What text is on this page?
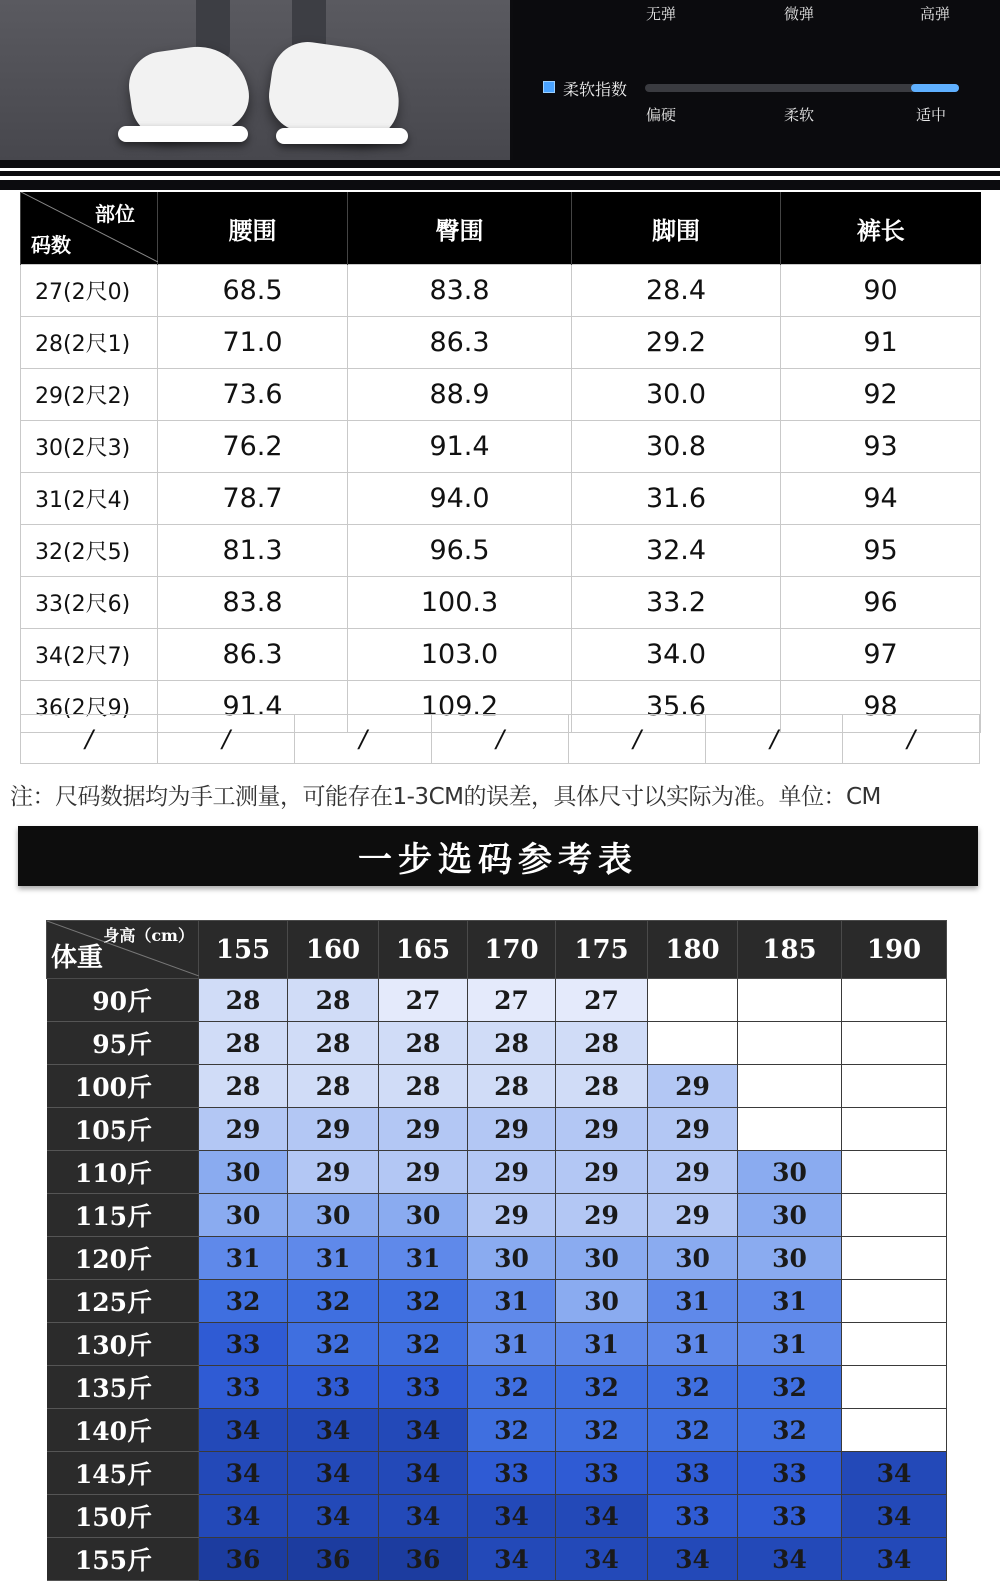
无弹	微弹	高弹
柔软指数
偏硬	柔软	适中
部位
码数	腰围	臀围	脚围	裤长
27(2尺0)	68.5	83.8	28.4	90
28(2尺1)	71.0	86.3	29.2	91
29(2尺2)	73.6	88.9	30.0	92
30(2尺3)	76.2	91.4	30.8	93
31(2尺4)	78.7	94.0	31.6	94
32(2尺5)	81.3	96.5	32.4	95
33(2尺6)	83.8	100.3	33.2	96
34(2尺7)	86.3	103.0	34.0	97
36(2尺9)	91.4	109.2	35.6	98
/	/	/	/	/	/	/
注：尺码数据均为手工测量，可能存在1-3CM的误差，具体尺寸以实际为准。单位：CM
一步选码参考表
身高（cm）
体重	155	160	165	170	175	180	185	190
90斤	28	28	27	27	27			
95斤	28	28	28	28	28			
100斤	28	28	28	28	28	29		
105斤	29	29	29	29	29	29		
110斤	30	29	29	29	29	29	30	
115斤	30	30	30	29	29	29	30	
120斤	31	31	31	30	30	30	30	
125斤	32	32	32	31	30	31	31	
130斤	33	32	32	31	31	31	31	
135斤	33	33	33	32	32	32	32	
140斤	34	34	34	32	32	32	32	
145斤	34	34	34	33	33	33	33	34
150斤	34	34	34	34	34	33	33	34
155斤	36	36	36	34	34	34	34	34
